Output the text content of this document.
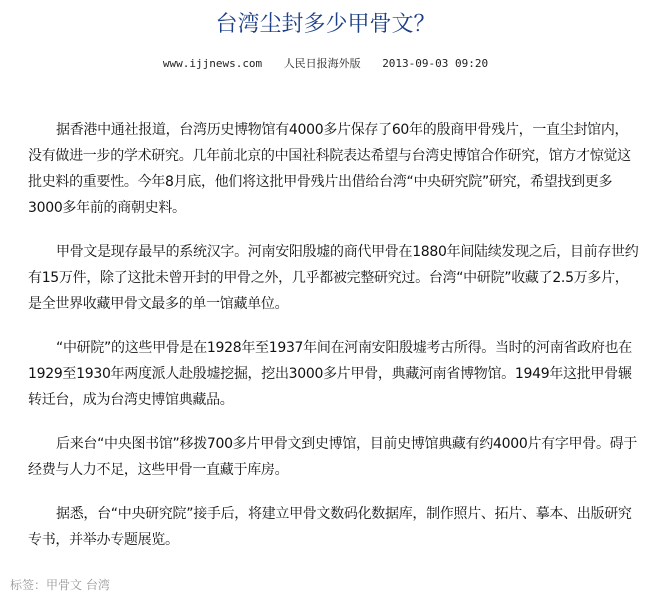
台湾尘封多少甲骨文？
www.ijjnews.com 人民日报海外版 2013-09-03 09:20

据香港中通社报道，台湾历史博物馆有4000多片保存了60年的殷商甲骨残片，一直尘封馆内，没有做进一步的学术研究。几年前北京的中国社科院表达希望与台湾史博馆合作研究，馆方才惊觉这批史料的重要性。今年8月底，他们将这批甲骨残片出借给台湾“中央研究院”研究，希望找到更多3000多年前的商朝史料。

甲骨文是现存最早的系统汉字。河南安阳殷墟的商代甲骨在1880年间陆续发现之后，目前存世约有15万件，除了这批未曾开封的甲骨之外，几乎都被完整研究过。台湾“中研院”收藏了2.5万多片，是全世界收藏甲骨文最多的单一馆藏单位。

“中研院”的这些甲骨是在1928年至1937年间在河南安阳殷墟考古所得。当时的河南省政府也在1929至1930年两度派人赴殷墟挖掘，挖出3000多片甲骨，典藏河南省博物馆。1949年这批甲骨辗转迁台，成为台湾史博馆典藏品。

后来台“中央图书馆”移拨700多片甲骨文到史博馆，目前史博馆典藏有约4000片有字甲骨。碍于经费与人力不足，这些甲骨一直藏于库房。

据悉，台“中央研究院”接手后，将建立甲骨文数码化数据库，制作照片、拓片、摹本、出版研究专书，并举办专题展览。

标签：甲骨文 台湾
